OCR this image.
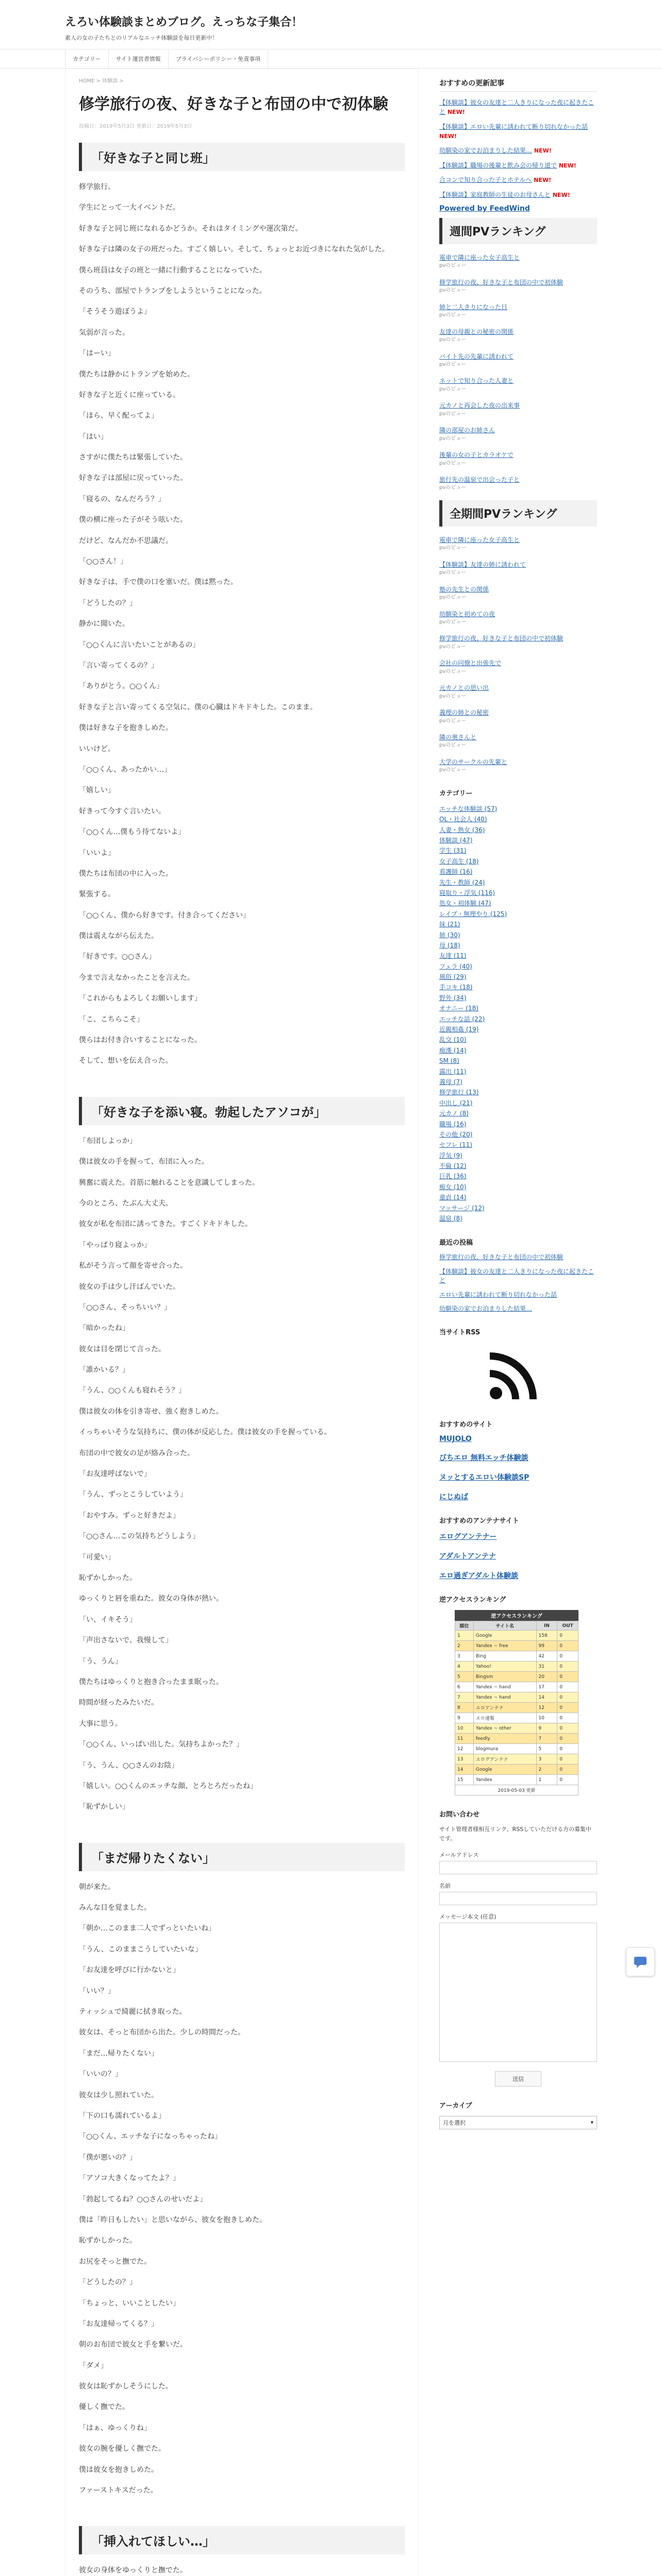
えろい体験談まとめブログ。えっちな子集合！

素人の女の子たちとのリアルなエッチ体験談を毎日更新中！

カテゴリー	サイト運営者情報	プライバシーポリシー・免責事項
HOME > 体験談 >
修学旅行の夜、好きな子と布団の中で初体験
投稿日：2019年5月3日 更新日：2019年5月3日
「好きな子と同じ班」

修学旅行。

学生にとって一大イベントだ。

好きな子と同じ班になれるかどうか。それはタイミングや運次第だ。

好きな子は隣の女子の班だった。すごく嬉しい。そして、ちょっとお近づきになれた気がした。

僕ら班員は女子の班と一緒に行動することになっていた。

そのうち、部屋でトランプをしようということになった。

「そうそう遊ぼうよ」

気弱が言った。

「はーい」

僕たちは静かにトランプを始めた。

好きな子と近くに座っている。

「ほら、早く配ってよ」

「はい」

さすがに僕たちは緊張していた。

好きな子は部屋に戻っていった。

「寝るの、なんだろう？」

僕の横に座った子がそう呟いた。

だけど、なんだか不思議だ。

「○○さん！」

好きな子は、手で僕の口を塞いだ。僕は黙った。

「どうしたの？」

静かに聞いた。

「○○くんに言いたいことがあるの」

「言い寄ってくるの？」

「ありがとう。○○くん」

好きな子と言い寄ってくる空気に、僕の心臓はドキドキした。このまま。

僕は好きな子を抱きしめた。

いいけど。

「○○くん、あったかい…」

「嬉しい」

好きって今すぐ言いたい。

「○○くん…僕もう待てないよ」

「いいよ」

僕たちは布団の中に入った。

緊張する。

「○○くん、僕から好きです。付き合ってください」

僕は震えながら伝えた。

「好きです。○○さん」

今まで言えなかったことを言えた。

「これからもよろしくお願いします」

「こ、こちらこそ」

僕らはお付き合いすることになった。

そして、想いを伝え合った。

「好きな子を添い寝。勃起したアソコが」

「布団しよっか」

僕は彼女の手を握って、布団に入った。

興奮に震えた。首筋に触れることを意識してしまった。

今のところ、たぶん大丈夫。

彼女が私を布団に誘ってきた。すごくドキドキした。

「やっぱり寝よっか」

私がそう言って顔を寄せ合った。

彼女の手は少し汗ばんでいた。

「○○さん、そっちいい？」

「暗かったね」

彼女は目を閉じて言った。

「誰かいる？」

「うん、○○くんも寝れそう？」

僕は彼女の体を引き寄せ、強く抱きしめた。

イっちゃいそうな気持ちに、僕の体が反応した。僕は彼女の手を握っている。

布団の中で彼女の足が絡み合った。

「お友達呼ばないで」

「うん、ずっとこうしていよう」

「おやすみ。ずっと好きだよ」

「○○さん…この気持ちどうしよう」

「可愛い」

恥ずかしかった。

ゆっくりと唇を重ねた。彼女の身体が熱い。

「い、イキそう」

「声出さないで、我慢して」

「う、うん」

僕たちはゆっくりと抱き合ったまま眠った。

時間が経ったみたいだ。

大事に思う。

「○○くん、いっぱい出した。気持ちよかった？」

「う、うん、○○さんのお陰」

「嬉しい。○○くんのエッチな顔、とろとろだったね」

「恥ずかしい」

「まだ帰りたくない」

朝が来た。

みんな目を覚ました。

「朝か…このまま二人でずっといたいね」

「うん、このままこうしていたいな」

「お友達を呼びに行かないと」

「いい？」

ティッシュで綺麗に拭き取った。

彼女は、そっと布団から出た。少しの時間だった。

「まだ…帰りたくない」

「いいの？」

彼女は少し照れていた。

「下の口も濡れているよ」

「○○くん、エッチな子になっちゃったね」

「僕が悪いの？」

「アソコ大きくなってたよ？」

「勃起してるね？○○さんのせいだよ」

僕は「昨日もしたい」と思いながら、彼女を抱きしめた。

恥ずかしかった。

お尻をそっと撫でた。

「どうしたの？」

「ちょっと、いいことしたい」

「お友達帰ってくる？」

朝のお布団で彼女と手を繋いだ。

「ダメ」

彼女は恥ずかしそうにした。

優しく撫でた。

「はぁ、ゆっくりね」

彼女の腕を優しく撫でた。

僕は彼女を抱きしめた。

ファーストキスだった。

「挿入れてほしい…」

彼女の身体をゆっくりと撫でた。

おすすめの更新記事
【体験談】彼女の友達と二人きりになった夜に起きたこと NEW!
【体験談】エロい先輩に誘われて断り切れなかった話 NEW!
幼馴染の家でお泊まりした結果… NEW!
【体験談】職場の後輩と飲み会の帰り道で NEW!
合コンで知り合った子とホテルへ NEW!
【体験談】家庭教師の生徒のお母さんと NEW!
Powered by FeedWind
週間PVランキング
電車で隣に座った女子高生と
pvのビュー
修学旅行の夜、好きな子と布団の中で初体験
pvのビュー
姉と二人きりになった日
pvのビュー
友達の母親との秘密の関係
pvのビュー
バイト先の先輩に誘われて
pvのビュー
ネットで知り合った人妻と
pvのビュー
元カノと再会した夜の出来事
pvのビュー
隣の部屋のお姉さん
pvのビュー
後輩の女の子とカラオケで
pvのビュー
旅行先の温泉で出会った子と
pvのビュー
全期間PVランキング
電車で隣に座った女子高生と
pvのビュー
【体験談】友達の姉に誘われて
pvのビュー
塾の先生との関係
pvのビュー
幼馴染と初めての夜
pvのビュー
修学旅行の夜、好きな子と布団の中で初体験
pvのビュー
会社の同僚と出張先で
pvのビュー
元カノとの思い出
pvのビュー
義理の姉との秘密
pvのビュー
隣の奥さんと
pvのビュー
大学のサークルの先輩と
pvのビュー
カテゴリー
エッチな体験談 (57)
OL・社会人 (40)
人妻・熟女 (36)
体験談 (47)
学生 (31)
女子高生 (18)
看護師 (16)
先生・教師 (24)
寝取り・浮気 (116)
処女・初体験 (47)
レイプ・無理やり (125)
妹 (21)
姉 (30)
母 (18)
友達 (11)
フェラ (40)
風俗 (29)
手コキ (18)
野外 (34)
オナニー (18)
エッチな話 (22)
近親相姦 (19)
乱交 (10)
痴漢 (14)
SM (8)
露出 (11)
義母 (7)
修学旅行 (13)
中出し (21)
元カノ (8)
職場 (16)
その他 (20)
セフレ (11)
浮気 (9)
不倫 (12)
巨乳 (36)
痴女 (10)
童貞 (14)
マッサージ (12)
温泉 (8)
最近の投稿
修学旅行の夜、好きな子と布団の中で初体験
【体験談】彼女の友達と二人きりになった夜に起きたこと
エロい先輩に誘われて断り切れなかった話
幼馴染の家でお泊まりした結果…
当サイトRSS
おすすめのサイト
MUJOLO
びちエロ 無料エッチ体験談
ヌッとするエロい体験談SP
にじぬば
おすすめのアンテナサイト
エログアンテナー
アダルトアンテナ
エロ過ぎアダルト体験談
逆アクセスランキング
逆アクセスランキング
順位	サイト名	IN	OUT
1	Google	158	0
2	Yandex ~ free	99	0
3	Bing	42	0
4	Yahoo!	31	0
5	Bingsm	20	0
6	Yandex ~ hand	17	0
7	Yandex ~ hand	14	0
8	エロアンテナ	12	0
9	エロ速報	10	0
10	Yandex ~ other	9	0
11	feedly	7	0
12	blogmura	5	0
13	エログアンテナ	3	0
14	Google	2	0
15	Yandex	1	0
2019-05-03 更新			
お問い合わせ
サイト管理者様相互リンク、RSSしていただける方の募集中です。
メールアドレス
名前
メッセージ本文 (任意)
送信
アーカイブ
月を選択	▾
